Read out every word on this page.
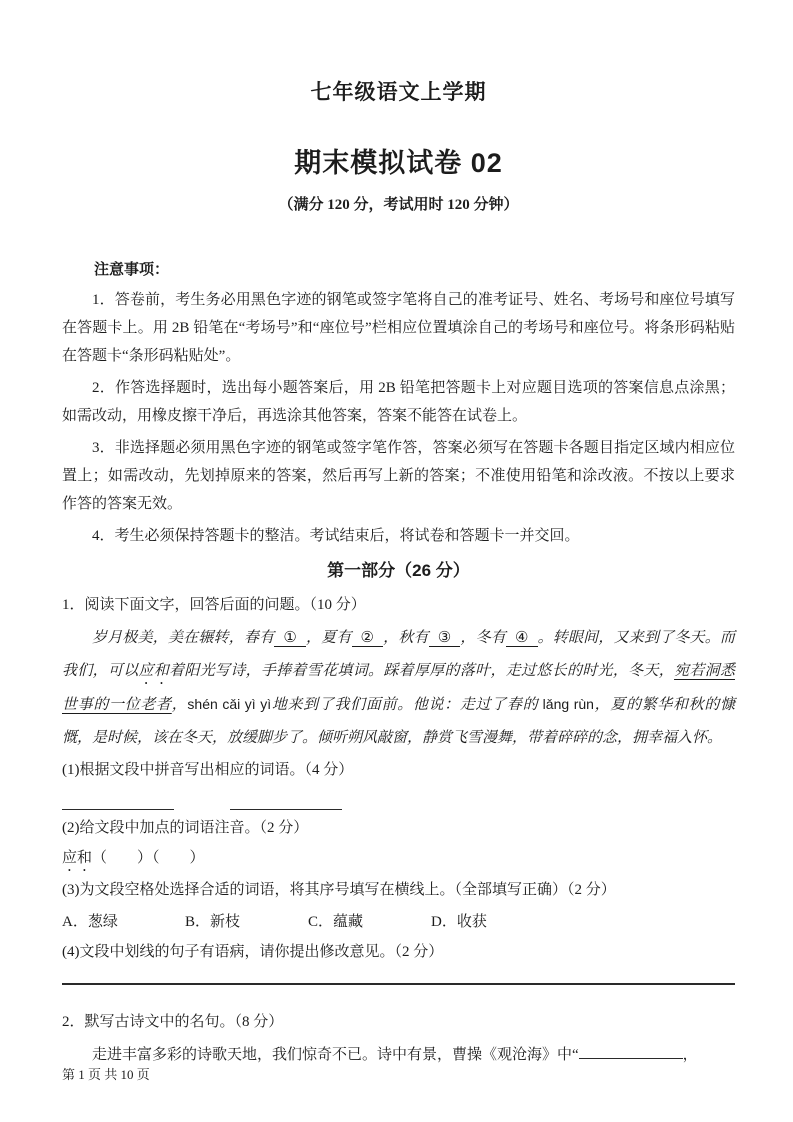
七年级语文上学期
期末模拟试卷 02
（满分 120 分，考试用时 120 分钟）
注意事项：

1．答卷前，考生务必用黑色字迹的钢笔或签字笔将自己的准考证号、姓名、考场号和座位号填写在答题卡上。用 2B 铅笔在“考场号”和“座位号”栏相应位置填涂自己的考场号和座位号。将条形码粘贴在答题卡“条形码粘贴处”。

2．作答选择题时，选出每小题答案后，用 2B 铅笔把答题卡上对应题目选项的答案信息点涂黑；如需改动，用橡皮擦干净后，再选涂其他答案，答案不能答在试卷上。

3．非选择题必须用黑色字迹的钢笔或签字笔作答，答案必须写在答题卡各题目指定区域内相应位置上；如需改动，先划掉原来的答案，然后再写上新的答案；不准使用铅笔和涂改液。不按以上要求作答的答案无效。

4．考生必须保持答题卡的整洁。考试结束后，将试卷和答题卡一并交回。

第一部分（26 分）
1．阅读下面文字，回答后面的问题。（10 分）
岁月极美，美在辗转，春有 ① ，夏有 ② ，秋有 ③ ，冬有 ④ 。转眼间，又来到了冬天。而我们，可以应和着阳光写诗，手捧着雪花填词。踩着厚厚的落叶，走过悠长的时光，冬天，宛若洞悉世事的一位老者，shén cǎi yì yì地来到了我们面前。他说：走过了春的 lǎng rùn，夏的繁华和秋的慷慨，是时候，该在冬天，放缓脚步了。倾听朔风敲窗，静赏飞雪漫舞，带着碎碎的念，拥幸福入怀。
(1)根据文段中拼音写出相应的词语。（4 分）
(2)给文段中加点的词语注音。（2 分）
应和（　　）（　　）
(3)为文段空格处选择合适的词语，将其序号填写在横线上。（全部填写正确）（2 分）
A．葱绿	B．新枝	C．蕴藏	D．收获
(4)文段中划线的句子有语病，请你提出修改意见。（2 分）
2．默写古诗文中的名句。（8 分）
走进丰富多彩的诗歌天地，我们惊奇不已。诗中有景，曹操《观沧海》中“	，
第 1 页 共 10 页
